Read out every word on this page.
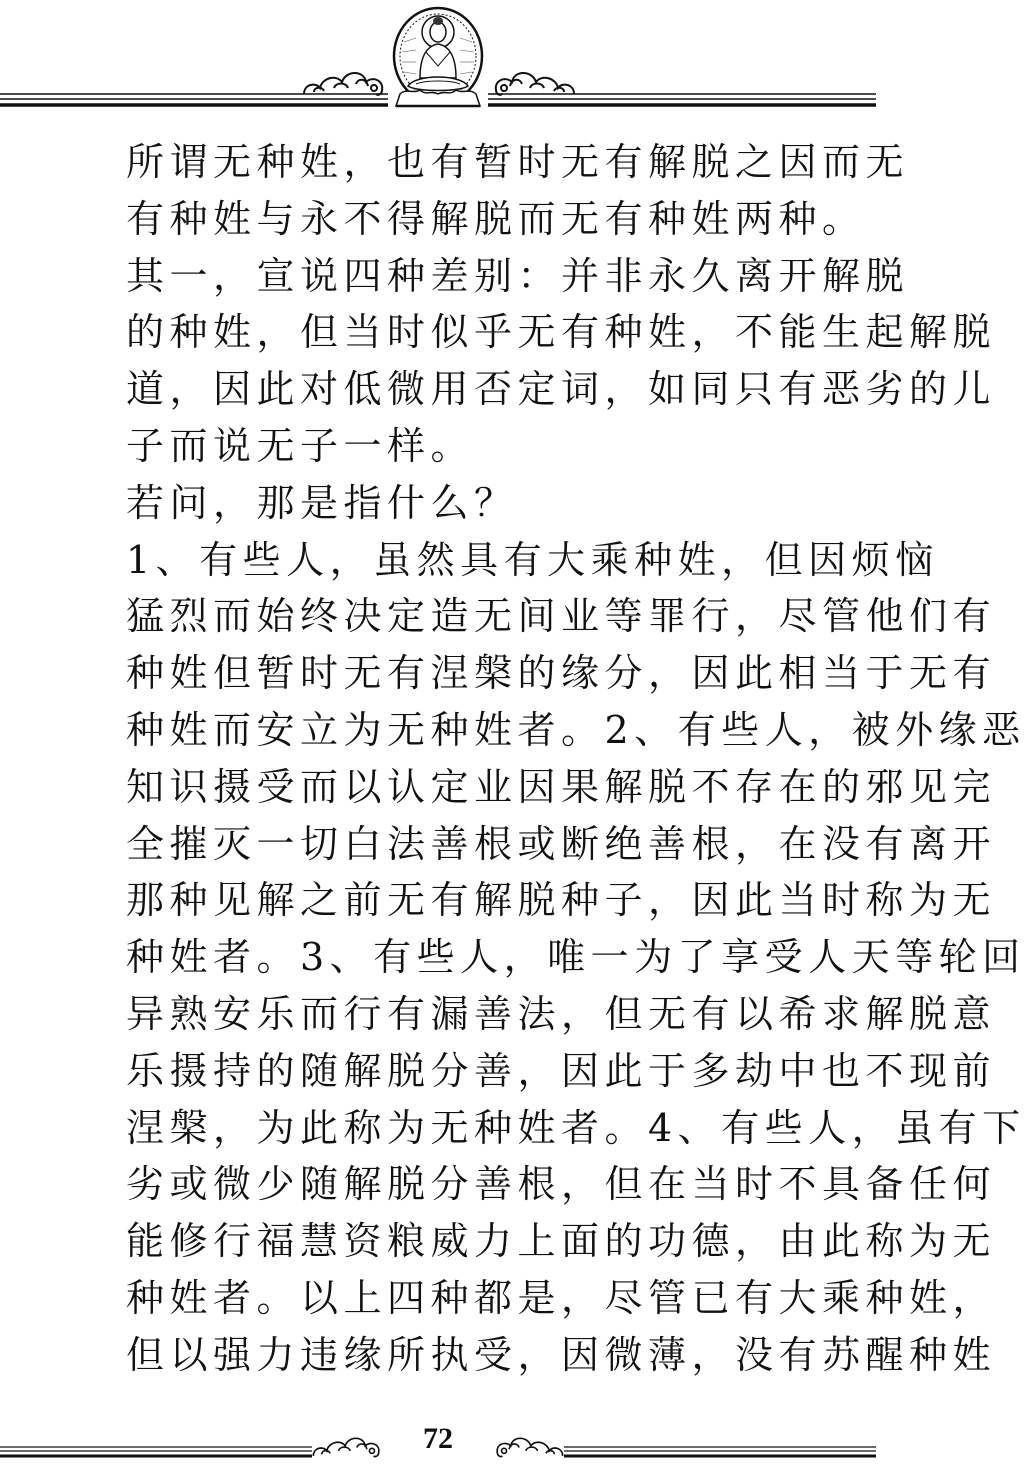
所谓无种姓，也有暂时无有解脱之因而无
有种姓与永不得解脱而无有种姓两种。

其一，宣说四种差别：并非永久离开解脱
的种姓，但当时似乎无有种姓，不能生起解脱
道，因此对低微用否定词，如同只有恶劣的儿
子而说无子一样。

若问，那是指什么？

1、有些人，虽然具有大乘种姓，但因烦恼
猛烈而始终决定造无间业等罪行，尽管他们有
种姓但暂时无有涅槃的缘分，因此相当于无有
种姓而安立为无种姓者。2、有些人，被外缘恶
知识摄受而以认定业因果解脱不存在的邪见完
全摧灭一切白法善根或断绝善根，在没有离开
那种见解之前无有解脱种子，因此当时称为无
种姓者。3、有些人，唯一为了享受人天等轮回
异熟安乐而行有漏善法，但无有以希求解脱意
乐摄持的随解脱分善，因此于多劫中也不现前
涅槃，为此称为无种姓者。4、有些人，虽有下
劣或微少随解脱分善根，但在当时不具备任何
能修行福慧资粮威力上面的功德，由此称为无
种姓者。以上四种都是，尽管已有大乘种姓，
但以强力违缘所执受，因微薄，没有苏醒种姓

72
